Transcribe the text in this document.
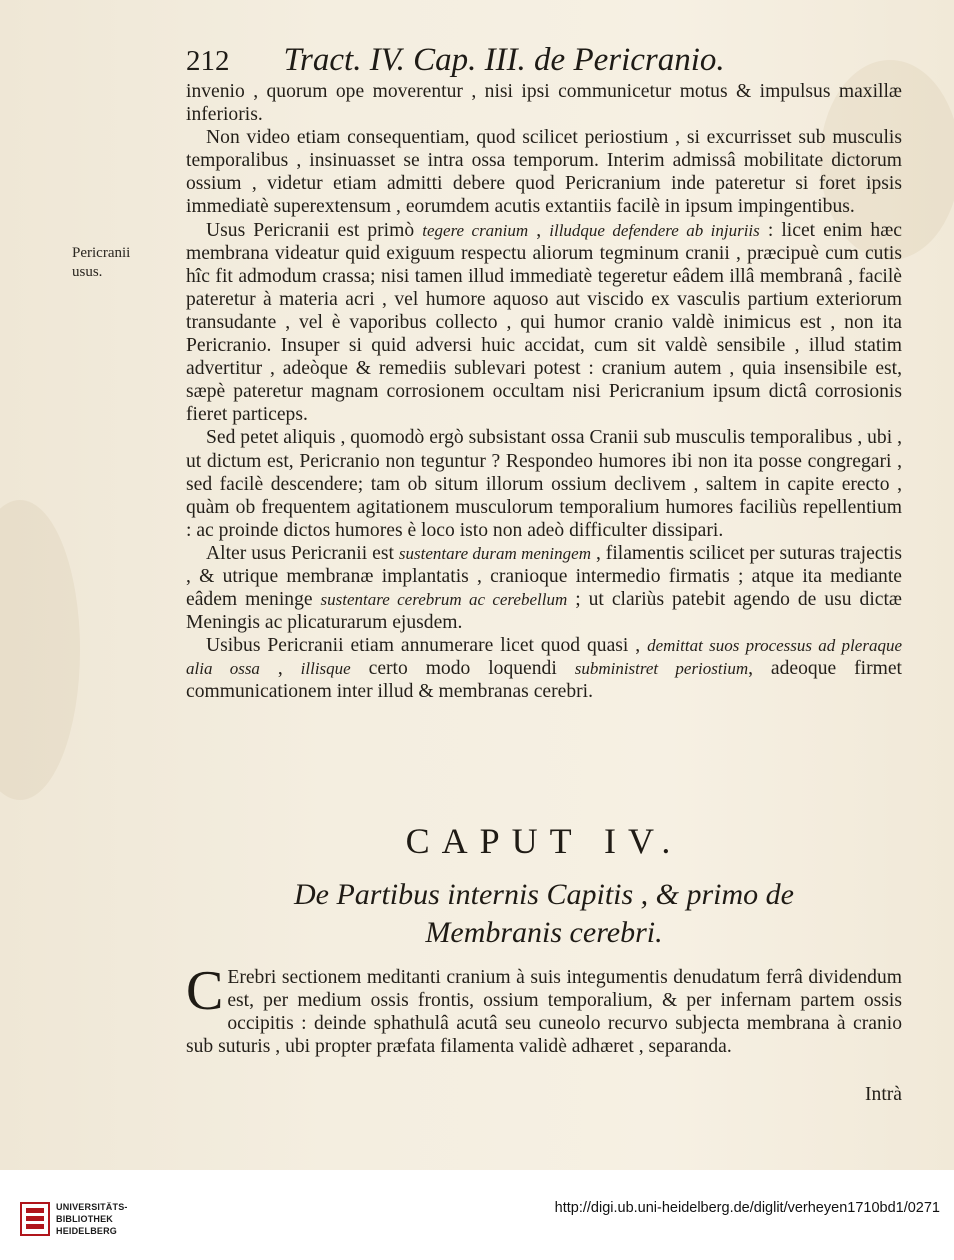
212 Tract. IV. Cap. III. de Pericranio.
Pericranii
usus.

invenio , quorum ope moverentur , nisi ipsi communicetur motus & impulsus maxillæ inferioris.

Non video etiam consequentiam, quod scilicet periostium , si excurrisset sub musculis temporalibus , insinuasset se intra ossa temporum. Interim admissâ mobilitate dictorum ossium , videtur etiam admitti debere quod Pericranium inde pateretur si foret ipsis immediatè superextensum , eorumdem acutis extantiis facilè in ipsum impingentibus.

Usus Pericranii est primò tegere cranium , illudque defendere ab injuriis : licet enim hæc membrana videatur quid exiguum respectu aliorum tegminum cranii , præcipuè cum cutis hîc fit admodum crassa; nisi tamen illud immediatè tegeretur eâdem illâ membranâ , facilè pateretur à materia acri , vel humore aquoso aut viscido ex vasculis partium exteriorum transudante , vel è vaporibus collecto , qui humor cranio valdè inimicus est , non ita Pericranio. Insuper si quid adversi huic accidat, cum sit valdè sensibile , illud statim advertitur , adeòque & remediis sublevari potest : cranium autem , quia insensibile est, sæpè pateretur magnam corrosionem occultam nisi Pericranium ipsum dictâ corrosionis fieret particeps.

Sed petet aliquis , quomodò ergò subsistant ossa Cranii sub musculis temporalibus , ubi , ut dictum est, Pericranio non teguntur ? Respondeo humores ibi non ita posse congregari , sed facilè descendere; tam ob situm illorum ossium declivem , saltem in capite erecto , quàm ob frequentem agitationem musculorum temporalium humores faciliùs repellentium : ac proinde dictos humores è loco isto non adeò difficulter dissipari.

Alter usus Pericranii est sustentare duram meningem , filamentis scilicet per suturas trajectis , & utrique membranæ implantatis , cranioque intermedio firmatis ; atque ita mediante eâdem meninge sustentare cerebrum ac cerebellum ; ut clariùs patebit agendo de usu dictæ Meningis ac plicaturarum ejusdem.

Usibus Pericranii etiam annumerare licet quod quasi , demittat suos processus ad pleraque alia ossa , illisque certo modo loquendi subministret periostium, adeoque firmet communicationem inter illud & membranas cerebri.

CAPUT IV.
De Partibus internis Capitis , & primo de
Membranis cerebri.
C Erebri sectionem meditanti cranium à suis integumentis denudatum ferrâ dividendum est, per medium ossis frontis, ossium temporalium, & per infernam partem ossis occipitis : deinde sphathulâ acutâ seu cuneolo recurvo subjecta membrana à cranio sub suturis , ubi propter præfata filamenta validè adhæret , separanda.
Intrà
UNIVERSITÄTS-
BIBLIOTHEK
HEIDELBERG
http://digi.ub.uni-heidelberg.de/diglit/verheyen1710bd1/0271
